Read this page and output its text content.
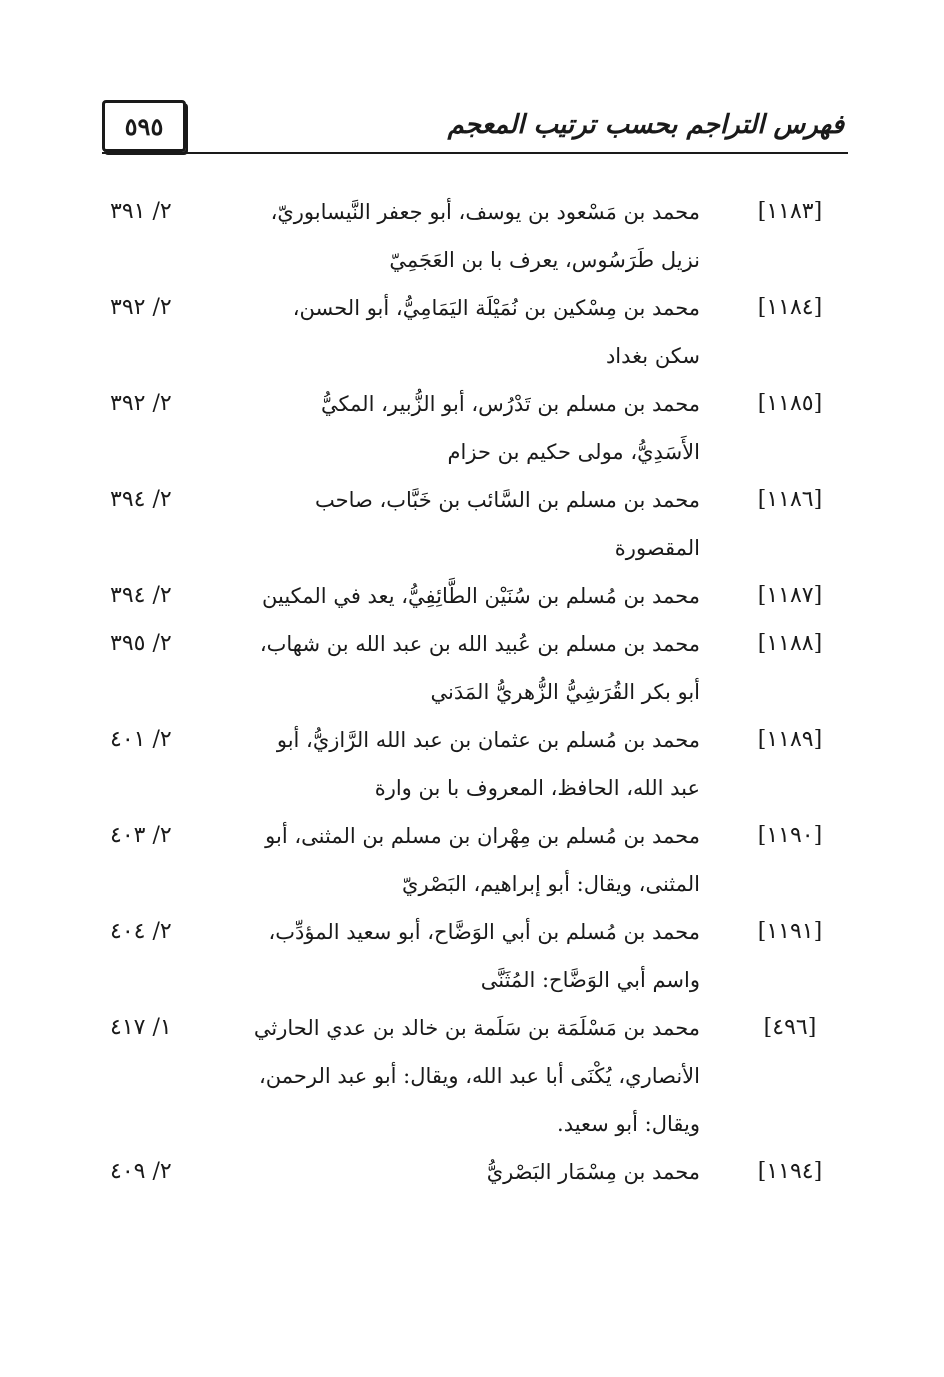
٥٩٥	فهرس التراجم بحسب ترتيب المعجم
[١١٨٣]
محمد بن مَسْعود بن يوسف، أبو جعفر النَّيسابوريّ،
نزيل طَرَسُوس، يعرف با بن العَجَمِيّ
٢/ ٣٩١
[١١٨٤]
محمد بن مِسْكين بن نُمَيْلَة اليَمَامِيُّ، أبو الحسن،
سكن بغداد
٢/ ٣٩٢
[١١٨٥]
محمد بن مسلم بن تَدْرُس، أبو الزُّبير، المكيُّ
الأَسَدِيُّ، مولى حكيم بن حزام
٢/ ٣٩٢
[١١٨٦]
محمد بن مسلم بن السَّائب بن خَبَّاب، صاحب
المقصورة
٢/ ٣٩٤
[١١٨٧]
محمد بن مُسلم بن سُنَيْن الطَّائِفِيُّ، يعد في المكيين
٢/ ٣٩٤
[١١٨٨]
محمد بن مسلم بن عُبيد الله بن عبد الله بن شهاب،
أبو بكر القُرَشِيُّ الزُّهريُّ المَدَني
٢/ ٣٩٥
[١١٨٩]
محمد بن مُسلم بن عثمان بن عبد الله الرَّازيُّ، أبو
عبد الله، الحافظ، المعروف با بن وارة
٢/ ٤٠١
[١١٩٠]
محمد بن مُسلم بن مِهْران بن مسلم بن المثنى، أبو
المثنى، ويقال: أبو إبراهيم، البَصْريّ
٢/ ٤٠٣
[١١٩١]
محمد بن مُسلم بن أبي الوَضَّاح، أبو سعيد المؤدِّب،
واسم أبي الوَضَّاح: المُثَنَّى
٢/ ٤٠٤
[٤٩٦]
محمد بن مَسْلَمَة بن سَلَمة بن خالد بن عدي الحارثي
الأنصاري، يُكْنَى أبا عبد الله، ويقال: أبو عبد الرحمن،
ويقال: أبو سعيد.
١/ ٤١٧
[١١٩٤]
محمد بن مِسْمَار البَصْريُّ
٢/ ٤٠٩
